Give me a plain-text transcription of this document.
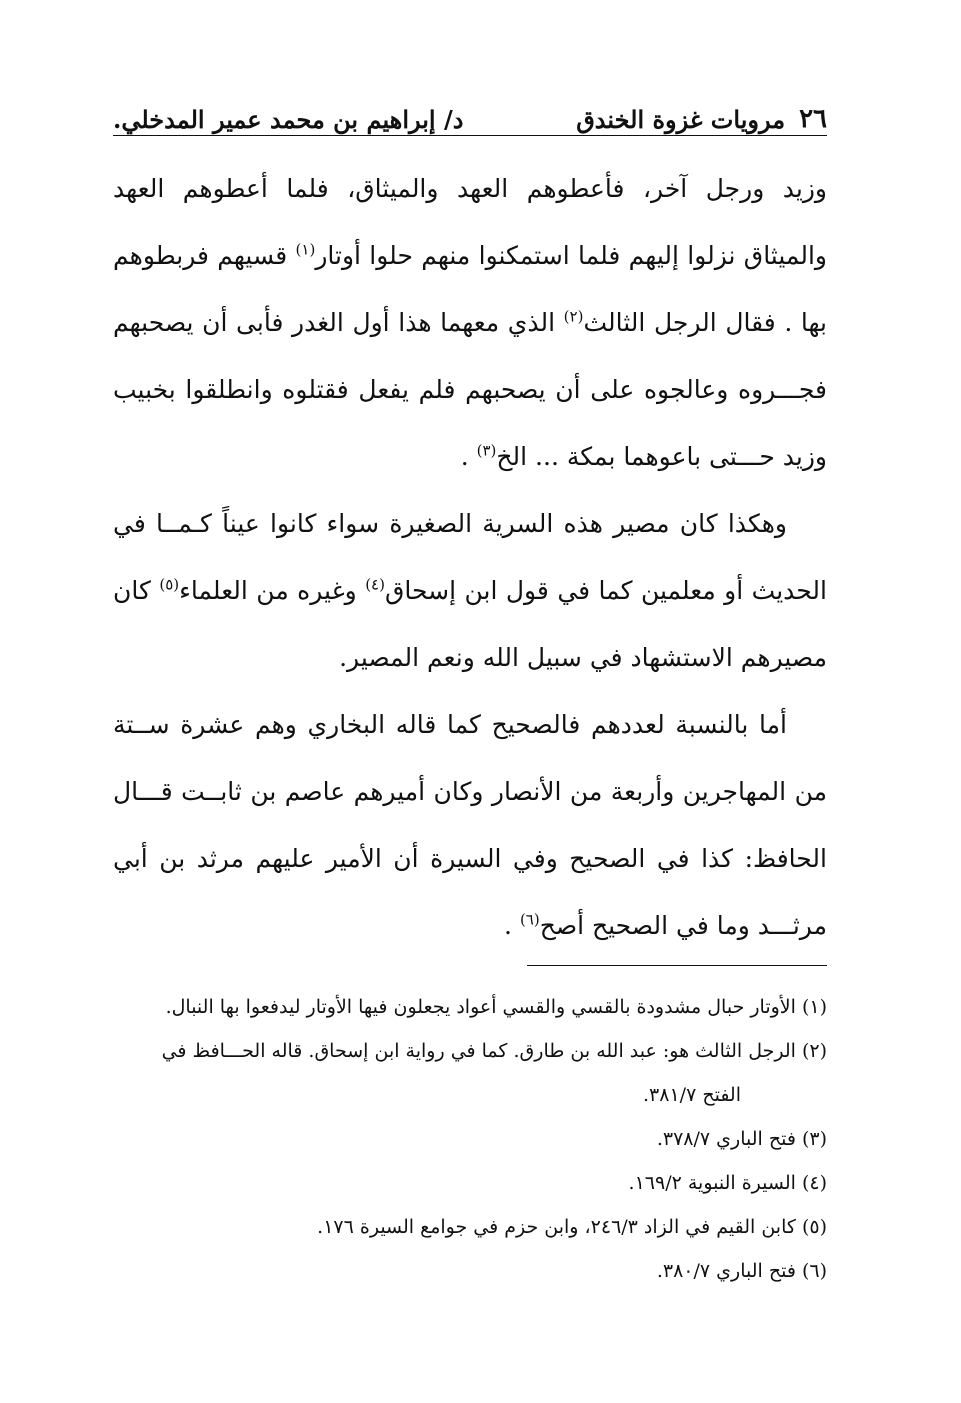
٢٦
مرويات غزوة الخندق
د/ إبراهيم بن محمد عمير المدخلي.

وزيد ورجل آخر، فأعطوهم العهد والميثاق، فلما أعطوهم العهد والميثاق نزلوا إليهم فلما استمكنوا منهم حلوا أوتار$^{(١)}$ قسيهم فربطوهم بها . فقال الرجل الثالث$^{(٢)}$ الذي معهما هذا أول الغدر فأبى أن يصحبهم فجـــروه وعالجوه على أن يصحبهم فلم يفعل فقتلوه وانطلقوا بخبيب وزيد حـــتى باعوهما بمكة ... الخ$^{(٣)}$ .

وهكذا كان مصير هذه السرية الصغيرة سواء كانوا عيناً كـمــا في الحديث أو معلمين كما في قول ابن إسحاق$^{(٤)}$ وغيره من العلماء$^{(٥)}$ كان مصيرهم الاستشهاد في سبيل الله ونعم المصير.

أما بالنسبة لعددهم فالصحيح كما قاله البخاري وهم عشرة ســتة من المهاجرين وأربعة من الأنصار وكان أميرهم عاصم بن ثابــت قـــال الحافظ: كذا في الصحيح وفي السيرة أن الأمير عليهم مرثد بن أبي مرثـــد وما في الصحيح أصح$^{(٦)}$ .

(١) الأوتار حبال مشدودة بالقسي والقسي أعواد يجعلون فيها الأوتار ليدفعوا بها النبال.

(٢) الرجل الثالث هو: عبد الله بن طارق. كما في رواية ابن إسحاق. قاله الحـــافظ في

الفتح ٣٨١/٧.

(٣) فتح الباري ٣٧٨/٧.

(٤) السيرة النبوية ١٦٩/٢.

(٥) كابن القيم في الزاد ٢٤٦/٣، وابن حزم في جوامع السيرة ١٧٦.

(٦) فتح الباري ٣٨٠/٧.
